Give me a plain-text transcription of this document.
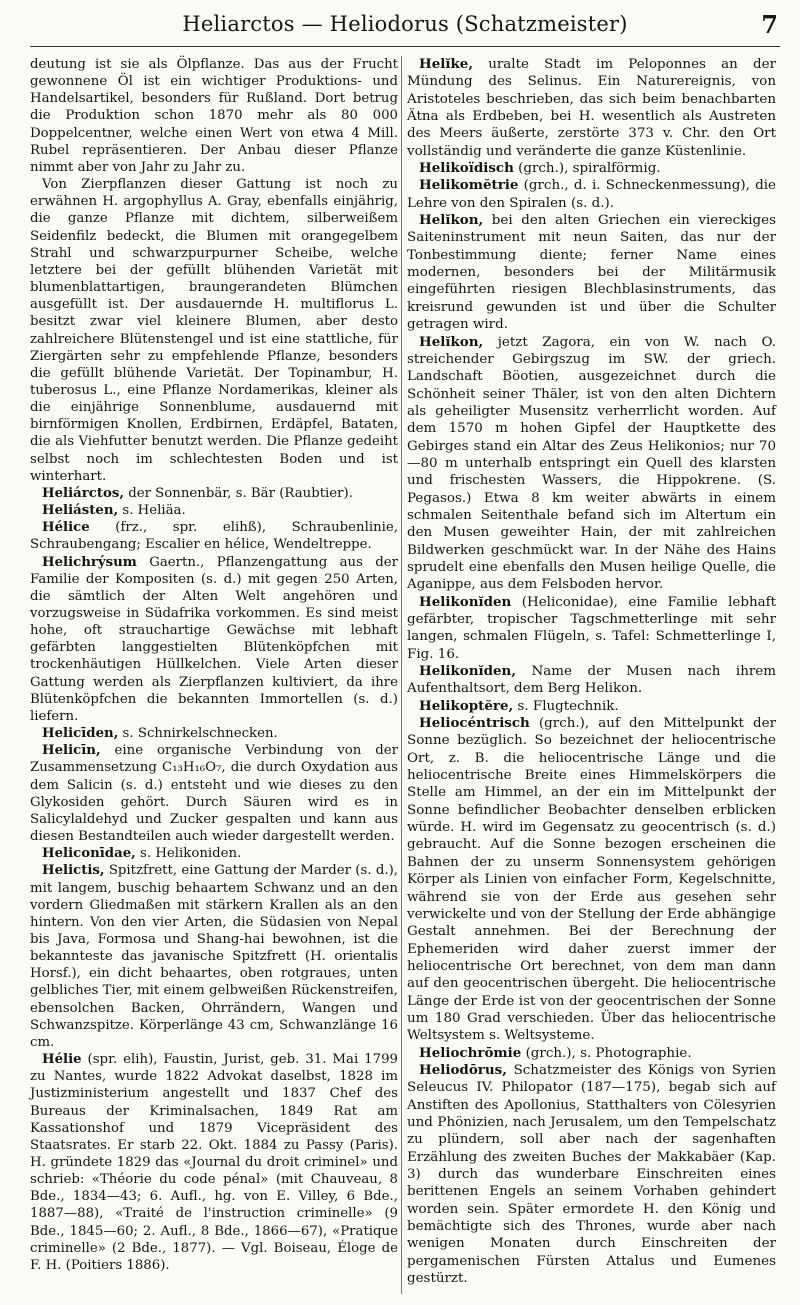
Heliarctos — Heliodorus (Schatzmeister)	7

deutung ist sie als Ölpflanze. Das aus der Frucht gewonnene Öl ist ein wichtiger Produktions- und Handelsartikel, besonders für Rußland. Dort betrug die Produktion schon 1870 mehr als 80 000 Doppelcentner, welche einen Wert von etwa 4 Mill. Rubel repräsentieren. Der Anbau dieser Pflanze nimmt aber von Jahr zu Jahr zu.

Von Zierpflanzen dieser Gattung ist noch zu erwähnen H. argophyllus A. Gray, ebenfalls einjährig, die ganze Pflanze mit dichtem, silberweißem Seidenfilz bedeckt, die Blumen mit orangegelbem Strahl und schwarzpurpurner Scheibe, welche letztere bei der gefüllt blühenden Varietät mit blumenblattartigen, braungerandeten Blümchen ausgefüllt ist. Der ausdauernde H. multiflorus L. besitzt zwar viel kleinere Blumen, aber desto zahlreichere Blütenstengel und ist eine stattliche, für Ziergärten sehr zu empfehlende Pflanze, besonders die gefüllt blühende Varietät. Der Topinambur, H. tuberosus L., eine Pflanze Nordamerikas, kleiner als die einjährige Sonnenblume, ausdauernd mit birnförmigen Knollen, Erdbirnen, Erdäpfel, Bataten, die als Viehfutter benutzt werden. Die Pflanze gedeiht selbst noch im schlechtesten Boden und ist winterhart.

Heliárctos, der Sonnenbär, s. Bär (Raubtier).

Heliásten, s. Heliäa.

Hélice (frz., spr. elihß), Schraubenlinie, Schraubengang; Escalier en hélice, Wendeltreppe.

Helichrýsum Gaertn., Pflanzengattung aus der Familie der Kompositen (s. d.) mit gegen 250 Arten, die sämtlich der Alten Welt angehören und vorzugsweise in Südafrika vorkommen. Es sind meist hohe, oft strauchartige Gewächse mit lebhaft gefärbten langgestielten Blütenköpfchen mit trockenhäutigen Hüllkelchen. Viele Arten dieser Gattung werden als Zierpflanzen kultiviert, da ihre Blütenköpfchen die bekannten Immortellen (s. d.) liefern.

Helicīden, s. Schnirkelschnecken.

Helicīn, eine organische Verbindung von der Zusammensetzung C₁₃H₁₆O₇, die durch Oxydation aus dem Salicin (s. d.) entsteht und wie dieses zu den Glykosiden gehört. Durch Säuren wird es in Salicylaldehyd und Zucker gespalten und kann aus diesen Bestandteilen auch wieder dargestellt werden.

Heliconīdae, s. Helikoniden.

Helictis, Spitzfrett, eine Gattung der Marder (s. d.), mit langem, buschig behaartem Schwanz und an den vordern Gliedmaßen mit stärkern Krallen als an den hintern. Von den vier Arten, die Südasien von Nepal bis Java, Formosa und Shang-hai bewohnen, ist die bekannteste das javanische Spitzfrett (H. orientalis Horsf.), ein dicht behaartes, oben rotgraues, unten gelbliches Tier, mit einem gelbweißen Rückenstreifen, ebensolchen Backen, Ohrrändern, Wangen und Schwanzspitze. Körperlänge 43 cm, Schwanzlänge 16 cm.

Hélie (spr. elih), Faustin, Jurist, geb. 31. Mai 1799 zu Nantes, wurde 1822 Advokat daselbst, 1828 im Justizministerium angestellt und 1837 Chef des Bureaus der Kriminalsachen, 1849 Rat am Kassationshof und 1879 Vicepräsident des Staatsrates. Er starb 22. Okt. 1884 zu Passy (Paris). H. gründete 1829 das «Journal du droit criminel» und schrieb: «Théorie du code pénal» (mit Chauveau, 8 Bde., 1834—43; 6. Aufl., hg. von E. Villey, 6 Bde., 1887—88), «Traité de l'instruction criminelle» (9 Bde., 1845—60; 2. Aufl., 8 Bde., 1866—67), «Pratique criminelle» (2 Bde., 1877). — Vgl. Boiseau, Éloge de F. H. (Poitiers 1886).

Helĭke, uralte Stadt im Peloponnes an der Mündung des Selinus. Ein Naturereignis, von Aristoteles beschrieben, das sich beim benachbarten Ätna als Erdbeben, bei H. wesentlich als Austreten des Meers äußerte, zerstörte 373 v. Chr. den Ort vollständig und veränderte die ganze Küstenlinie.

Helikoïdisch (grch.), spiralförmig.

Helikomĕtrie (grch., d. i. Schneckenmessung), die Lehre von den Spiralen (s. d.).

Helĭkon, bei den alten Griechen ein viereckiges Saiteninstrument mit neun Saiten, das nur der Tonbestimmung diente; ferner Name eines modernen, besonders bei der Militärmusik eingeführten riesigen Blechblasinstruments, das kreisrund gewunden ist und über die Schulter getragen wird.

Helĭkon, jetzt Zagora, ein von W. nach O. streichender Gebirgszug im SW. der griech. Landschaft Böotien, ausgezeichnet durch die Schönheit seiner Thäler, ist von den alten Dichtern als geheiligter Musensitz verherrlicht worden. Auf dem 1570 m hohen Gipfel der Hauptkette des Gebirges stand ein Altar des Zeus Helikonios; nur 70—80 m unterhalb entspringt ein Quell des klarsten und frischesten Wassers, die Hippokrene. (S. Pegasos.) Etwa 8 km weiter abwärts in einem schmalen Seitenthale befand sich im Altertum ein den Musen geweihter Hain, der mit zahlreichen Bildwerken geschmückt war. In der Nähe des Hains sprudelt eine ebenfalls den Musen heilige Quelle, die Aganippe, aus dem Felsboden hervor.

Helikonĭden (Heliconidae), eine Familie lebhaft gefärbter, tropischer Tagschmetterlinge mit sehr langen, schmalen Flügeln, s. Tafel: Schmetterlinge I, Fig. 16.

Helikonĭden, Name der Musen nach ihrem Aufenthaltsort, dem Berg Helikon.

Helikoptĕre, s. Flugtechnik.

Heliocéntrisch (grch.), auf den Mittelpunkt der Sonne bezüglich. So bezeichnet der heliocentrische Ort, z. B. die heliocentrische Länge und die heliocentrische Breite eines Himmelskörpers die Stelle am Himmel, an der ein im Mittelpunkt der Sonne befindlicher Beobachter denselben erblicken würde. H. wird im Gegensatz zu geocentrisch (s. d.) gebraucht. Auf die Sonne bezogen erscheinen die Bahnen der zu unserm Sonnensystem gehörigen Körper als Linien von einfacher Form, Kegelschnitte, während sie von der Erde aus gesehen sehr verwickelte und von der Stellung der Erde abhängige Gestalt annehmen. Bei der Berechnung der Ephemeriden wird daher zuerst immer der heliocentrische Ort berechnet, von dem man dann auf den geocentrischen übergeht. Die heliocentrische Länge der Erde ist von der geocentrischen der Sonne um 180 Grad verschieden. Über das heliocentrische Weltsystem s. Weltsysteme.

Heliochrōmie (grch.), s. Photographie.

Heliodōrus, Schatzmeister des Königs von Syrien Seleucus IV. Philopator (187—175), begab sich auf Anstiften des Apollonius, Statthalters von Cölesyrien und Phönizien, nach Jerusalem, um den Tempelschatz zu plündern, soll aber nach der sagenhaften Erzählung des zweiten Buches der Makkabäer (Kap. 3) durch das wunderbare Einschreiten eines berittenen Engels an seinem Vorhaben gehindert worden sein. Später ermordete H. den König und bemächtigte sich des Thrones, wurde aber nach wenigen Monaten durch Einschreiten der pergamenischen Fürsten Attalus und Eumenes gestürzt.
